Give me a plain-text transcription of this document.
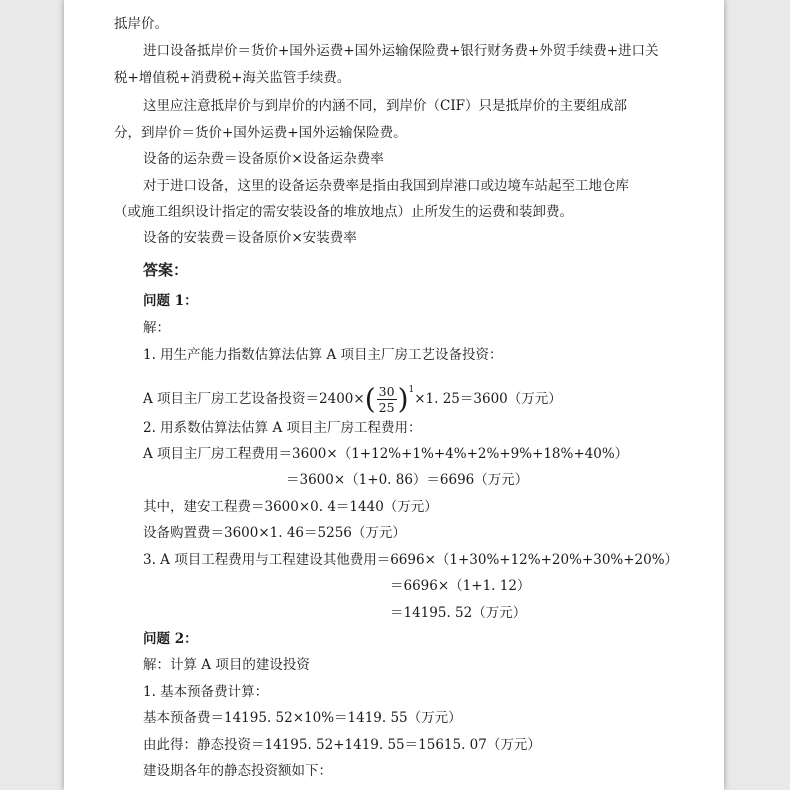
抵岸价。
进口设备抵岸价＝货价+国外运费+国外运输保险费+银行财务费+外贸手续费+进口关
税+增值税+消费税+海关监管手续费。
这里应注意抵岸价与到岸价的内涵不同，到岸价（CIF）只是抵岸价的主要组成部
分，到岸价＝货价+国外运费+国外运输保险费。
设备的运杂费＝设备原价×设备运杂费率
对于进口设备，这里的设备运杂费率是指由我国到岸港口或边境车站起至工地仓库
（或施工组织设计指定的需安装设备的堆放地点）止所发生的运费和装卸费。
设备的安装费＝设备原价×安装费率
答案：
问题 1：
解：
1. 用生产能力指数估算法估算 A 项目主厂房工艺设备投资：
A 项目主厂房工艺设备投资$=2400\times( \frac{30}{25} )^1\times 1$. 25＝3600（万元）
2. 用系数估算法估算 A 项目主厂房工程费用：
A 项目主厂房工程费用＝3600×（1+12%+1%+4%+2%+9%+18%+40%）
＝3600×（1+0. 86）＝6696（万元）
其中，建安工程费＝3600×0. 4＝1440（万元）
设备购置费＝3600×1. 46＝5256（万元）
3. A 项目工程费用与工程建设其他费用＝6696×（1+30%+12%+20%+30%+20%）
＝6696×（1+1. 12）
＝14195. 52（万元）
问题 2：
解：计算 A 项目的建设投资
1. 基本预备费计算：
基本预备费＝14195. 52×10%＝1419. 55（万元）
由此得：静态投资＝14195. 52+1419. 55＝15615. 07（万元）
建设期各年的静态投资额如下：
